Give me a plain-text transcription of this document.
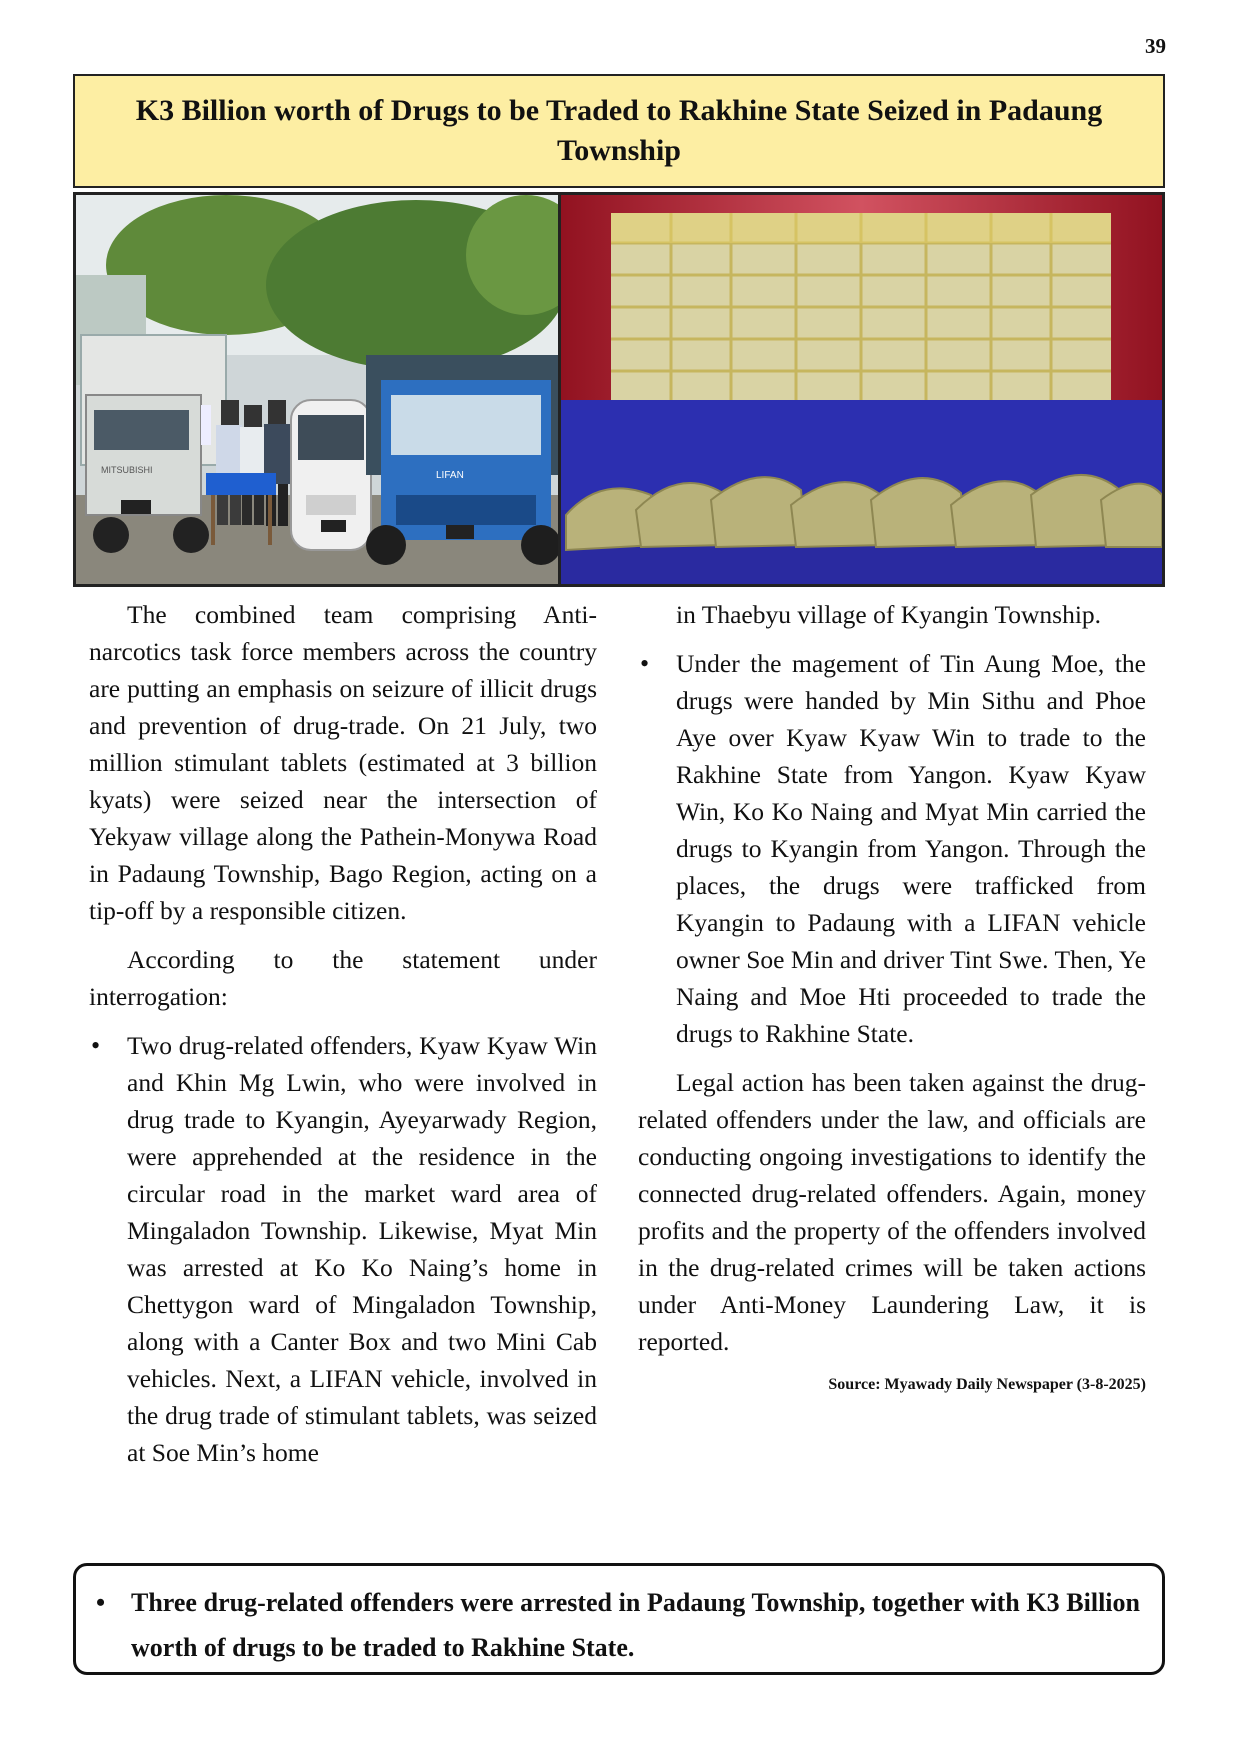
39
K3 Billion worth of Drugs to be Traded to Rakhine State Seized in Padaung Township
MITSUBISHI	LIFAN

The combined team comprising Anti-narcotics task force members across the country are putting an emphasis on seizure of illicit drugs and prevention of drug-trade. On 21 July, two million stimulant tablets (estimated at 3 billion kyats) were seized near the intersection of Yekyaw village along the Pathein-Monywa Road in Padaung Township, Bago Region, acting on a tip-off by a responsible citizen.

According to the statement under interrogation:

• Two drug-related offenders, Kyaw Kyaw Win and Khin Mg Lwin, who were involved in drug trade to Kyangin, Ayeyarwady Region, were apprehended at the residence in the circular road in the market ward area of Mingaladon Township. Likewise, Myat Min was arrested at Ko Ko Naing’s home in Chettygon ward of Mingaladon Township, along with a Canter Box and two Mini Cab vehicles. Next, a LIFAN vehicle, involved in the drug trade of stimulant tablets, was seized at Soe Min’s home
in Thaebyu village of Kyangin Township.
• Under the magement of Tin Aung Moe, the drugs were handed by Min Sithu and Phoe Aye over Kyaw Kyaw Win to trade to the Rakhine State from Yangon. Kyaw Kyaw Win, Ko Ko Naing and Myat Min carried the drugs to Kyangin from Yangon. Through the places, the drugs were trafficked from Kyangin to Padaung with a LIFAN vehicle owner Soe Min and driver Tint Swe. Then, Ye Naing and Moe Hti proceeded to trade the drugs to Rakhine State.

Legal action has been taken against the drug-related offenders under the law, and officials are conducting ongoing investigations to identify the connected drug-related offenders. Again, money profits and the property of the offenders involved in the drug-related crimes will be taken actions under Anti-Money Laundering Law, it is reported.

Source: Myawady Daily Newspaper (3-8-2025)
• Three drug-related offenders were arrested in Padaung Township, together with K3 Billion worth of drugs to be traded to Rakhine State.
